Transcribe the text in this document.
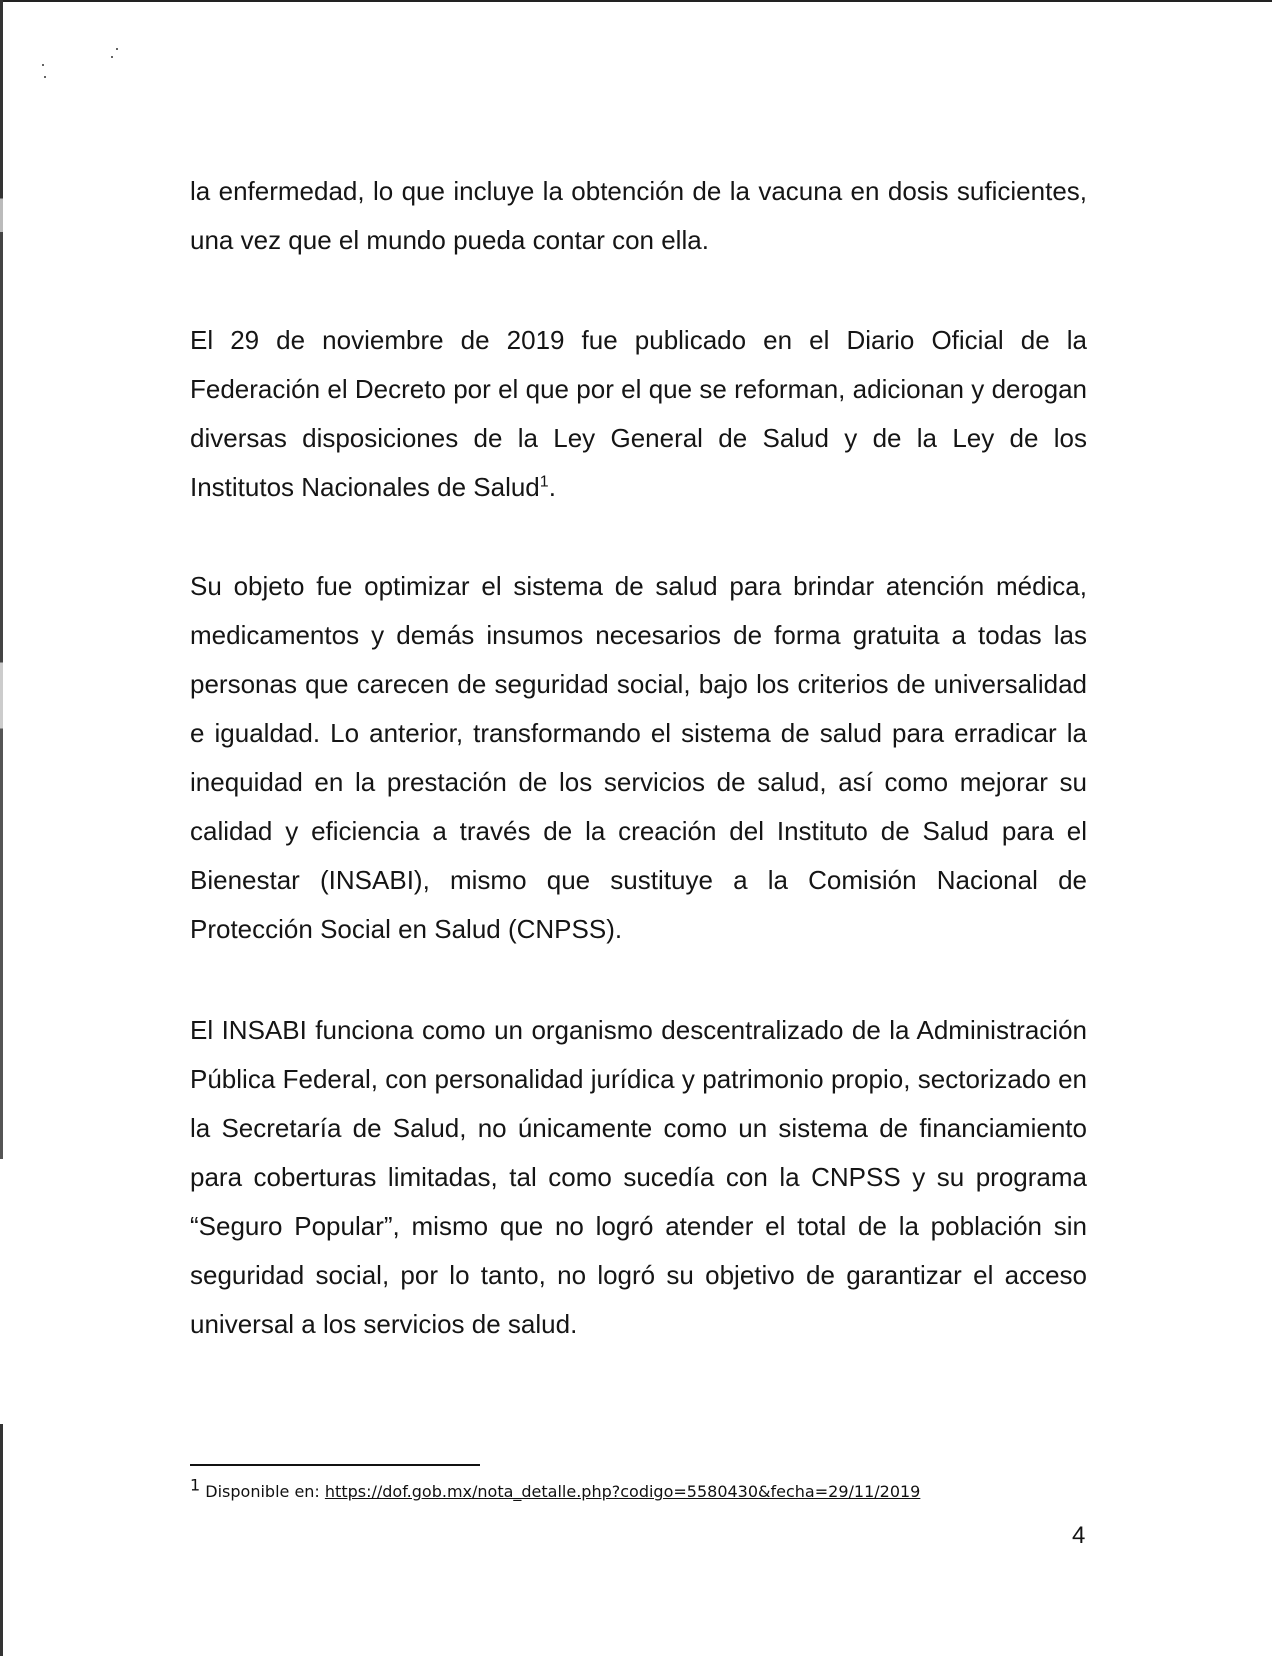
la enfermedad, lo que incluye la obtención de la vacuna en dosis suficientes, una vez que el mundo pueda contar con ella.

El 29 de noviembre de 2019 fue publicado en el Diario Oficial de la Federación el Decreto por el que por el que se reforman, adicionan y derogan diversas disposiciones de la Ley General de Salud y de la Ley de los Institutos Nacionales de Salud$^1$.

Su objeto fue optimizar el sistema de salud para brindar atención médica, medicamentos y demás insumos necesarios de forma gratuita a todas las personas que carecen de seguridad social, bajo los criterios de universalidad e igualdad. Lo anterior, transformando el sistema de salud para erradicar la inequidad en la prestación de los servicios de salud, así como mejorar su calidad y eficiencia a través de la creación del Instituto de Salud para el Bienestar (INSABI), mismo que sustituye a la Comisión Nacional de Protección Social en Salud (CNPSS).

El INSABI funciona como un organismo descentralizado de la Administración Pública Federal, con personalidad jurídica y patrimonio propio, sectorizado en la Secretaría de Salud, no únicamente como un sistema de financiamiento para coberturas limitadas, tal como sucedía con la CNPSS y su programa “Seguro Popular”, mismo que no logró atender el total de la población sin seguridad social, por lo tanto, no logró su objetivo de garantizar el acceso universal a los servicios de salud.

$^1$ Disponible en: https://dof.gob.mx/nota_detalle.php?codigo=5580430&fecha=29/11/2019

4
